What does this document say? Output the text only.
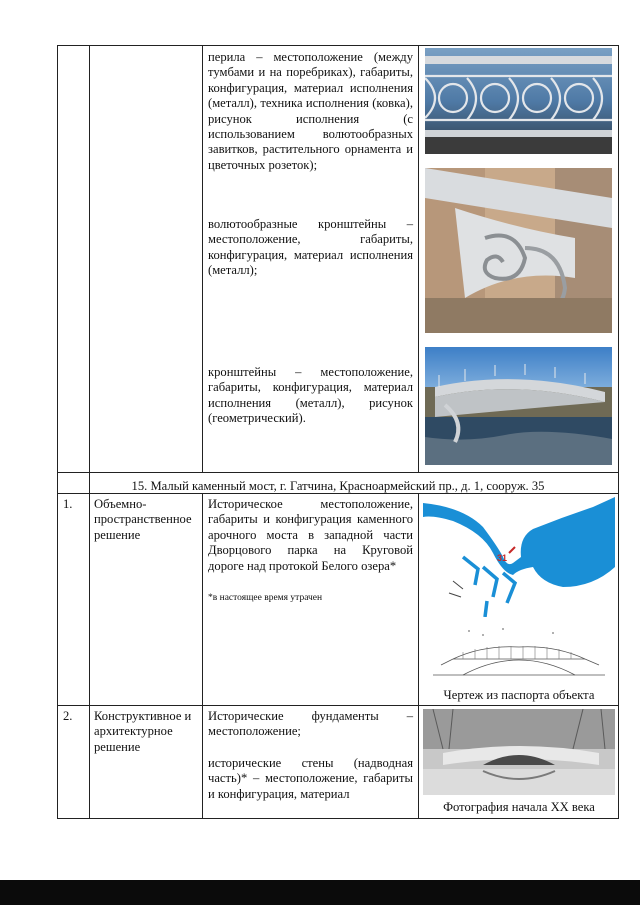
перила – местоположение (между тумбами и на поребриках), габариты, конфигурация, материал исполнения (металл), техника исполнения (ковка), рисунок исполнения (с использованием волютообразных завитков, растительного орнамента и цветочных розеток);
волютообразные кронштейны – местоположение, габариты, конфигурация, материал исполнения (металл);
кронштейны – местоположение, габариты, конфигурация, материал исполнения (металл), рисунок (геометрический).
15. Малый каменный мост, г. Гатчина, Красноармейский пр., д. 1, сооруж. 35
1. Объемно-пространственное решение
Историческое местоположение, габариты и конфигурация каменного арочного моста в западной части Дворцового парка на Круговой дороге над протокой Белого озера*
*в настоящее время утрачен
31
Чертеж из паспорта объекта
2. Конструктивное и архитектурное решение
Исторические фундаменты – местоположение;
исторические стены (надводная часть)* – местоположение, габариты и конфигурация, материал
Фотография начала XX века
